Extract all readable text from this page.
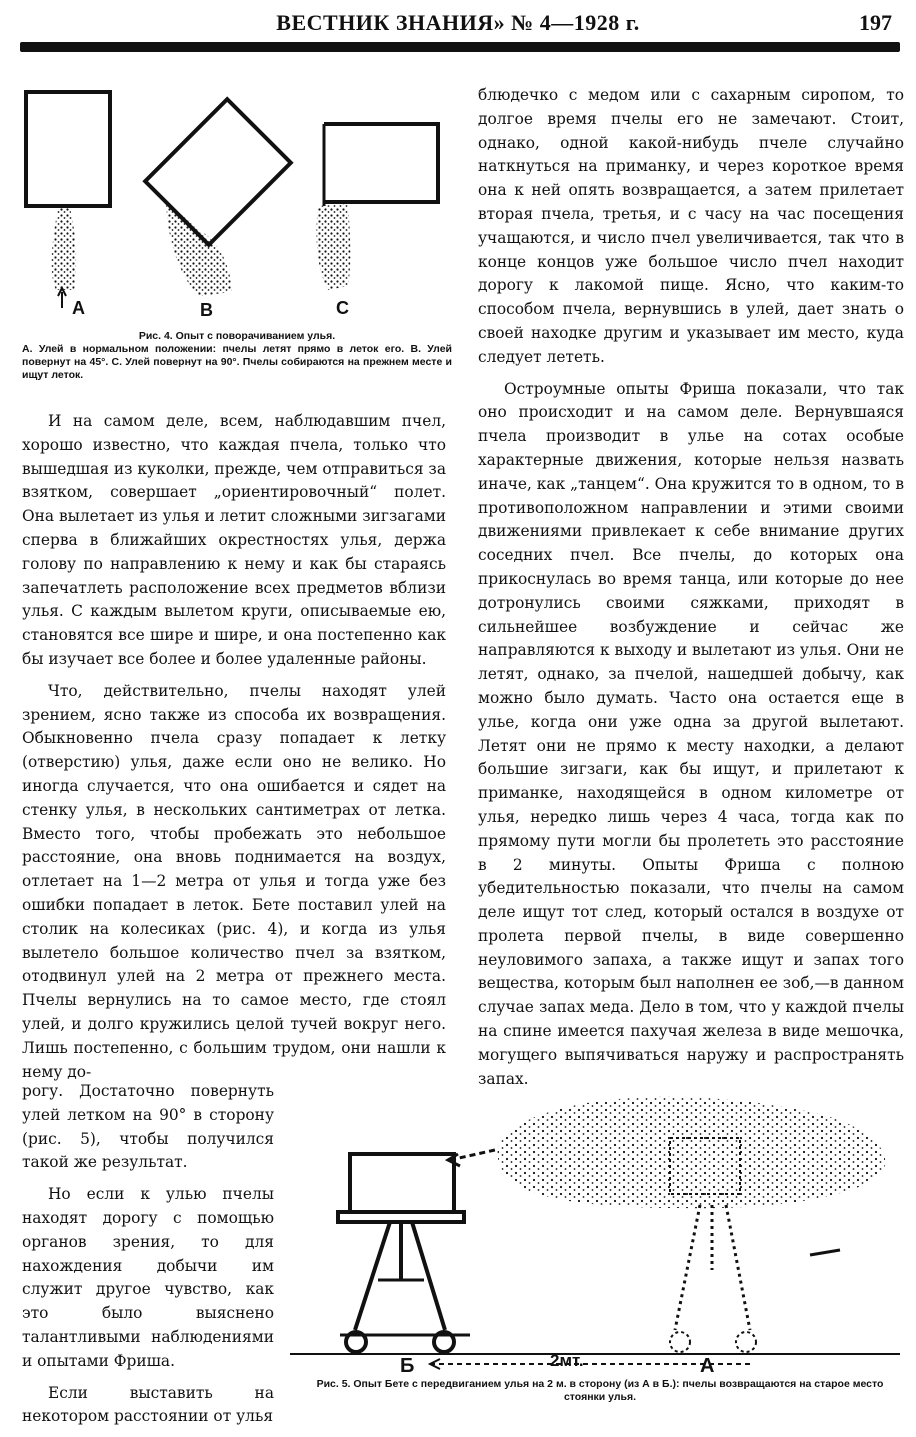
ВЕСТНИК ЗНАНИЯ» № 4—1928 г.	197
A	B	C
Рис. 4. Опыт с поворачиванием улья.
A. Улей в нормальном положении: пчелы летят прямо в леток его. B. Улей повернут на 45°. C. Улей повернут на 90°. Пчелы собираются на прежнем месте и ищут леток.

И на самом деле, всем, наблюдавшим пчел, хорошо известно, что каждая пчела, только что вышедшая из куколки, прежде, чем отправиться за взятком, совершает „ориентировочный“ полет. Она вылетает из улья и летит сложными зигзагами сперва в ближайших окрестностях улья, держа голову по направлению к нему и как бы стараясь запечатлеть расположение всех предметов вблизи улья. С каждым вылетом круги, описываемые ею, становятся все шире и шире, и она постепенно как бы изучает все более и более удаленные районы.

Что, действительно, пчелы находят улей зрением, ясно также из способа их возвращения. Обыкновенно пчела сразу попадает к летку (отверстию) улья, даже если оно не велико. Но иногда случается, что она ошибается и сядет на стенку улья, в нескольких сантиметрах от летка. Вместо того, чтобы пробежать это небольшое расстояние, она вновь поднимается на воздух, отлетает на 1—2 метра от улья и тогда уже без ошибки попадает в леток. Бете поставил улей на столик на колесиках (рис. 4), и когда из улья вылетело большое количество пчел за взятком, отодвинул улей на 2 метра от прежнего места. Пчелы вернулись на то самое место, где стоял улей, и долго кружились целой тучей вокруг него. Лишь постепенно, с большим трудом, они нашли к нему до-

рогу. Достаточно повернуть улей летком на 90° в сторону (рис. 5), чтобы получился такой же результат.

Но если к улью пчелы находят дорогу с помощью органов зрения, то для нахождения добычи им служит другое чувство, как это было выяснено талантливыми наблюдениями и опытами Фриша.

Если выставить на некотором расстоянии от улья

блюдечко с медом или с сахарным сиропом, то долгое время пчелы его не замечают. Стоит, однако, одной какой-нибудь пчеле случайно наткнуться на приманку, и через короткое время она к ней опять возвращается, а затем прилетает вторая пчела, третья, и с часу на час посещения учащаются, и число пчел увеличивается, так что в конце концов уже большое число пчел находит дорогу к лакомой пище. Ясно, что каким-то способом пчела, вернувшись в улей, дает знать о своей находке другим и указывает им место, куда следует лететь.

Остроумные опыты Фриша показали, что так оно происходит и на самом деле. Вернувшаяся пчела производит в улье на сотах особые характерные движения, которые нельзя назвать иначе, как „танцем“. Она кружится то в одном, то в противоположном направлении и этими своими движениями привлекает к себе внимание других соседних пчел. Все пчелы, до которых она прикоснулась во время танца, или которые до нее дотронулись своими сяжками, приходят в сильнейшее возбуждение и сейчас же направляются к выходу и вылетают из улья. Они не летят, однако, за пчелой, нашедшей добычу, как можно было думать. Часто она остается еще в улье, когда они уже одна за другой вылетают. Летят они не прямо к месту находки, а делают большие зигзаги, как бы ищут, и прилетают к приманке, находящейся в одном километре от улья, нередко лишь через 4 часа, тогда как по прямому пути могли бы пролететь это расстояние в 2 минуты. Опыты Фриша с полною убедительностью показали, что пчелы на самом деле ищут тот след, который остался в воздухе от пролета первой пчелы, в виде совершенно неуловимого запаха, а также ищут и запах того вещества, которым был наполнен ее зоб,—в данном случае запах меда. Дело в том, что у каждой пчелы на спине имеется пахучая железа в виде мешочка, могущего выпячиваться наружу и распространять запах.

Б	2мт.	A
Рис. 5. Опыт Бете с передвиганием улья на 2 м. в сторону (из А в Б.): пчелы возвращаются на старое место стоянки улья.
